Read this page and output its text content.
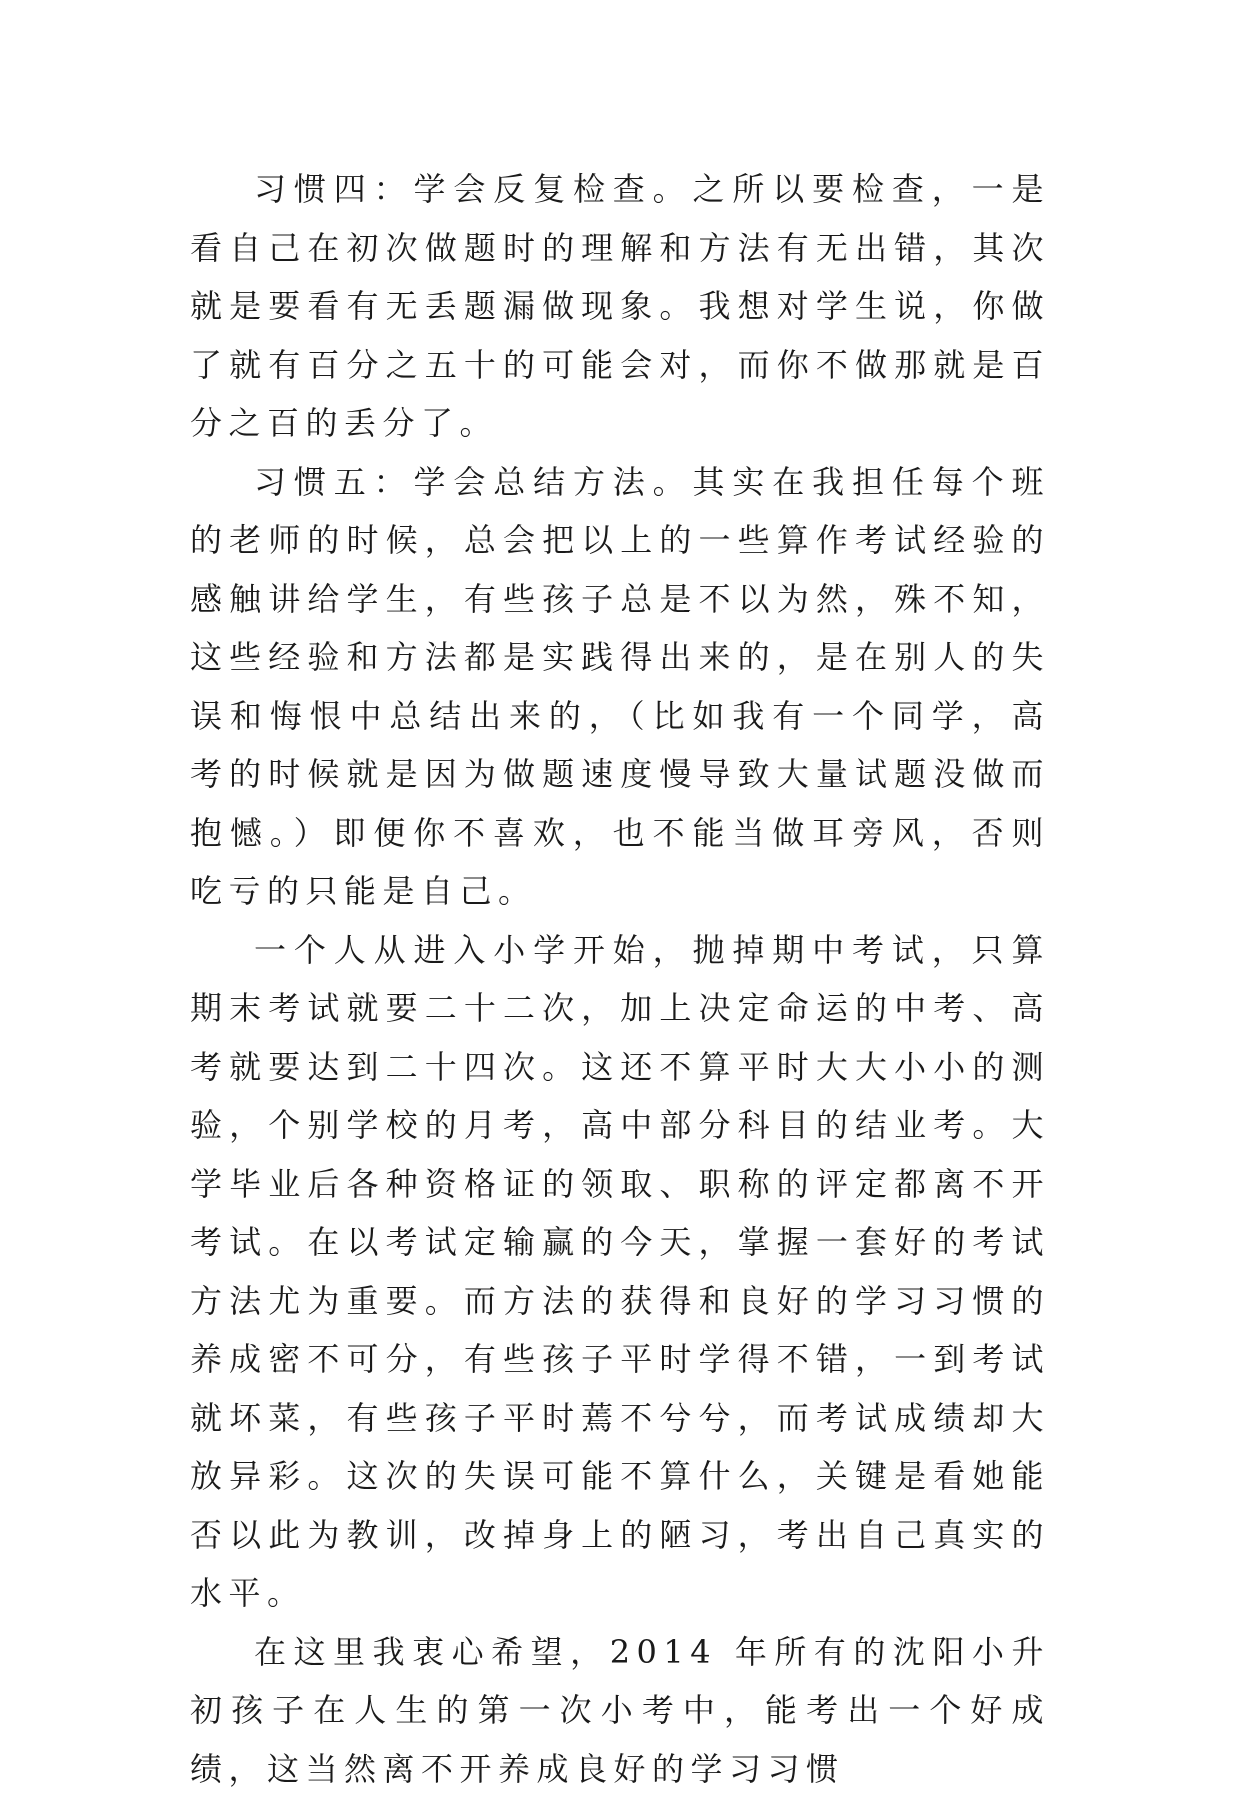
习惯四：学会反复检查。之所以要检查，一是看自己在初次做题时的理解和方法有无出错，其次就是要看有无丢题漏做现象。我想对学生说，你做了就有百分之五十的可能会对，而你不做那就是百分之百的丢分了。

习惯五：学会总结方法。其实在我担任每个班的老师的时候，总会把以上的一些算作考试经验的感触讲给学生，有些孩子总是不以为然，殊不知，这些经验和方法都是实践得出来的，是在别人的失误和悔恨中总结出来的，（比如我有一个同学，高考的时候就是因为做题速度慢导致大量试题没做而抱憾。）即便你不喜欢，也不能当做耳旁风，否则吃亏的只能是自己。

一个人从进入小学开始，抛掉期中考试，只算期末考试就要二十二次，加上决定命运的中考、高考就要达到二十四次。这还不算平时大大小小的测验，个别学校的月考，高中部分科目的结业考。大学毕业后各种资格证的领取、职称的评定都离不开考试。在以考试定输赢的今天，掌握一套好的考试方法尤为重要。而方法的获得和良好的学习习惯的养成密不可分，有些孩子平时学得不错，一到考试就坏菜，有些孩子平时蔫不兮兮，而考试成绩却大放异彩。这次的失误可能不算什么，关键是看她能否以此为教训，改掉身上的陋习，考出自己真实的水平。

在这里我衷心希望，2014 年所有的沈阳小升初孩子在人生的第一次小考中，能考出一个好成绩，这当然离不开养成良好的学习习惯
